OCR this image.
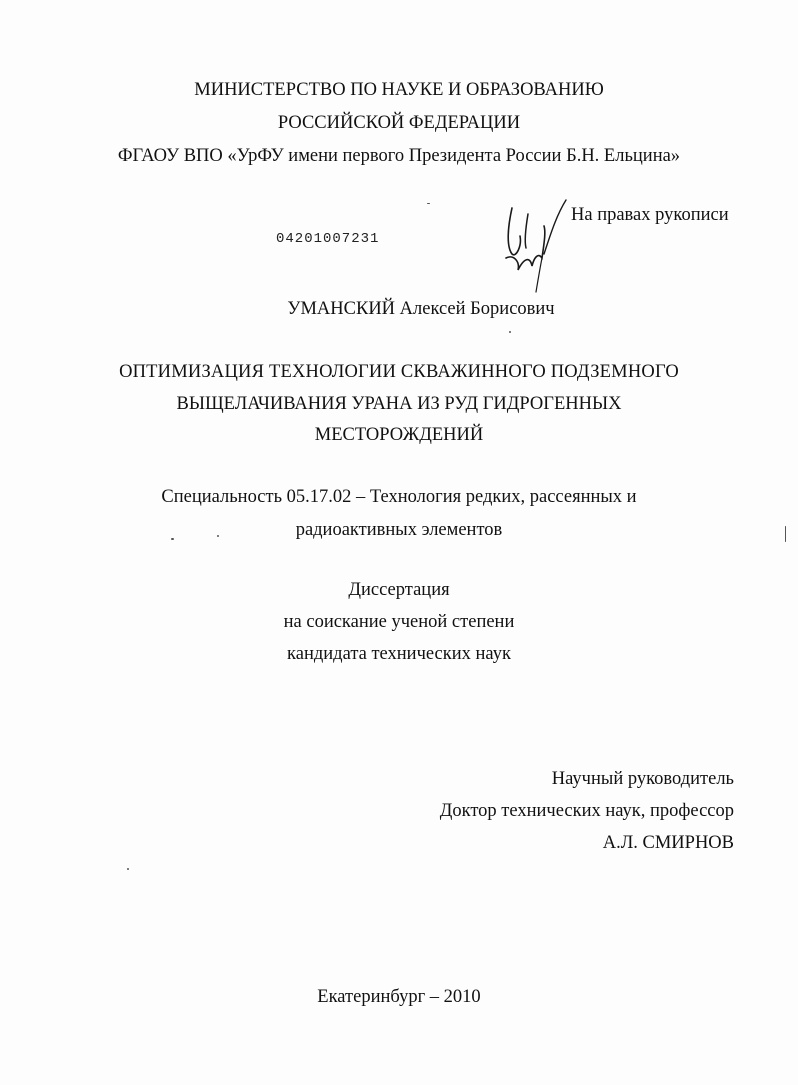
МИНИСТЕРСТВО ПО НАУКЕ И ОБРАЗОВАНИЮ
РОССИЙСКОЙ ФЕДЕРАЦИИ
ФГАОУ ВПО «УрФУ имени первого Президента России Б.Н. Ельцина»
04201007231
На правах рукописи
УМАНСКИЙ Алексей Борисович
ОПТИМИЗАЦИЯ ТЕХНОЛОГИИ СКВАЖИННОГО ПОДЗЕМНОГО
ВЫЩЕЛАЧИВАНИЯ УРАНА ИЗ РУД ГИДРОГЕННЫХ
МЕСТОРОЖДЕНИЙ
Специальность 05.17.02 – Технология редких, рассеянных и
радиоактивных элементов
Диссертация
на соискание ученой степени
кандидата технических наук
Научный руководитель
Доктор технических наук, профессор
А.Л. СМИРНОВ
Екатеринбург – 2010
